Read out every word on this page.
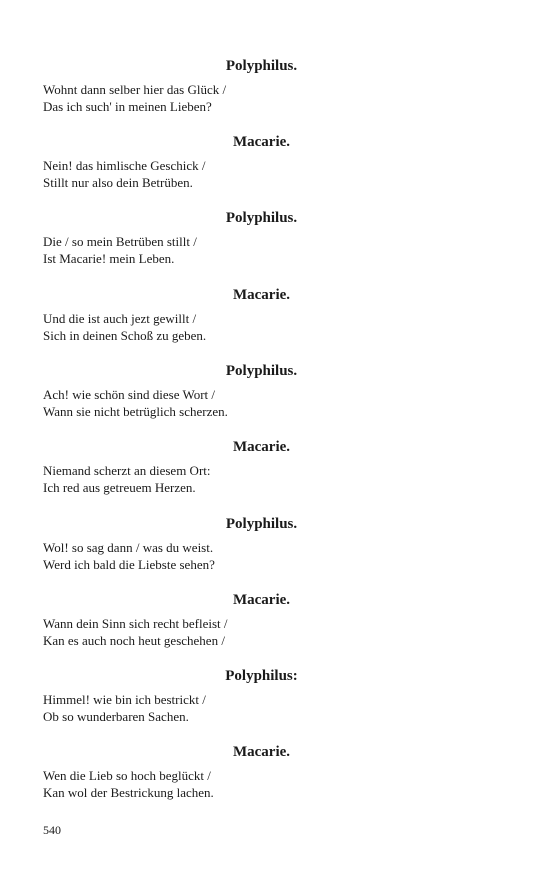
Polyphilus.
Wohnt dann selber hier das Glück /
Das ich such' in meinen Lieben?
Macarie.
Nein! das himlische Geschick /
Stillt nur also dein Betrüben.
Polyphilus.
Die / so mein Betrüben stillt /
Ist Macarie! mein Leben.
Macarie.
Und die ist auch jezt gewillt /
Sich in deinen Schoß zu geben.
Polyphilus.
Ach! wie schön sind diese Wort /
Wann sie nicht betrüglich scherzen.
Macarie.
Niemand scherzt an diesem Ort:
Ich red aus getreuem Herzen.
Polyphilus.
Wol! so sag dann / was du weist.
Werd ich bald die Liebste sehen?
Macarie.
Wann dein Sinn sich recht befleist /
Kan es auch noch heut geschehen /
Polyphilus:
Himmel! wie bin ich bestrickt /
Ob so wunderbaren Sachen.
Macarie.
Wen die Lieb so hoch beglückt /
Kan wol der Bestrickung lachen.
540
